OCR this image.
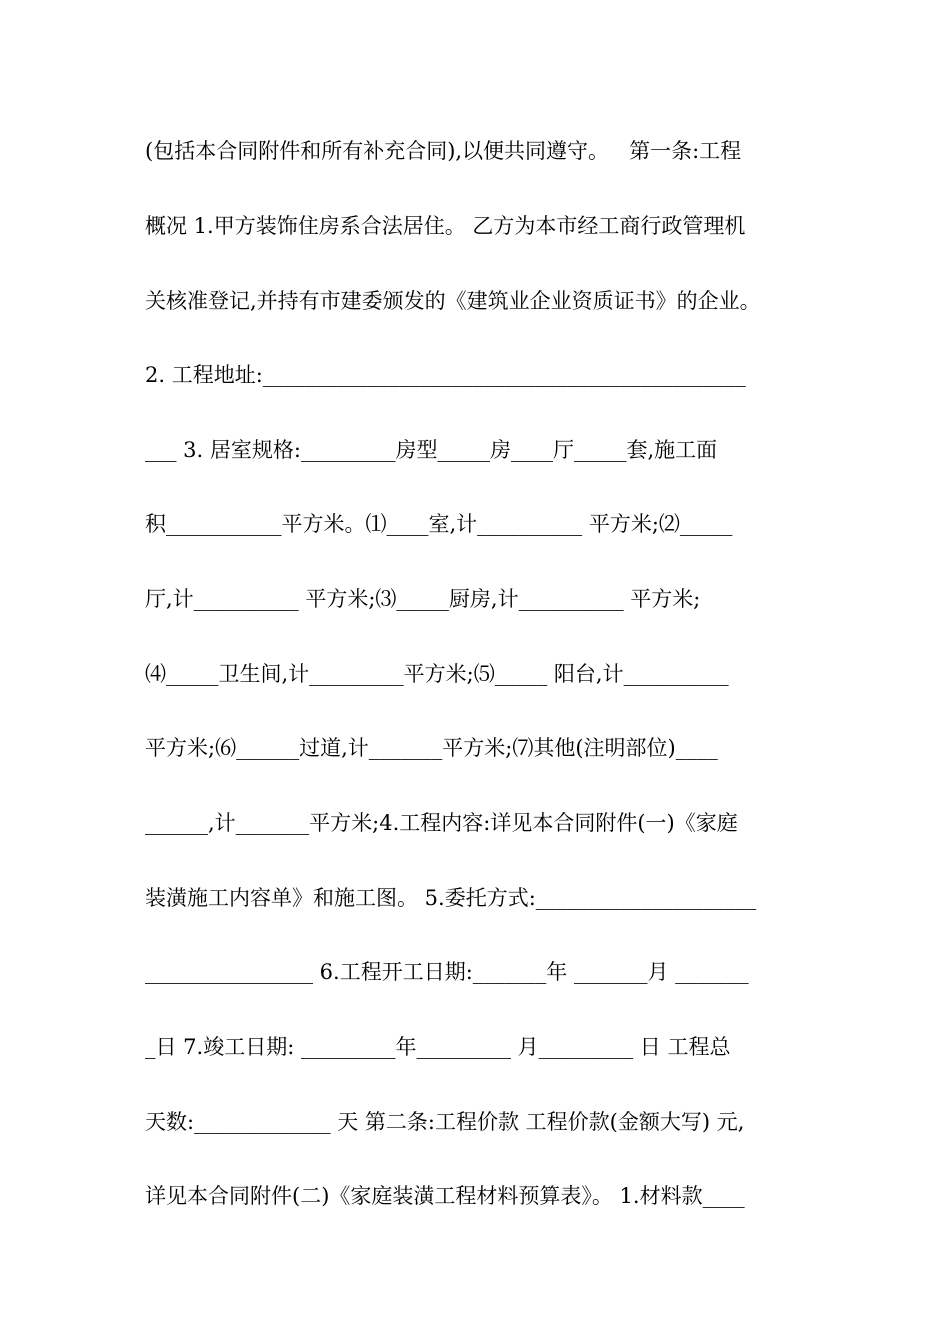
(包括本合同附件和所有补充合同),以便共同遵守。   第一条:工程
概况 1.甲方装饰住房系合法居住。 乙方为本市经工商行政管理机
关核准登记,并持有市建委颁发的《建筑业企业资质证书》的企业。
2. 工程地址:______________________________________________
___ 3. 居室规格:_________房型_____房____厅_____套,施工面
积___________平方米。⑴____室,计__________ 平方米;⑵_____
厅,计__________ 平方米;⑶_____厨房,计__________ 平方米;
⑷_____卫生间,计_________平方米;⑸_____ 阳台,计__________
平方米;⑹______过道,计_______平方米;⑺其他(注明部位)____
______,计_______平方米;4.工程内容:详见本合同附件(一)《家庭
装潢施工内容单》和施工图。 5.委托方式:_____________________
________________ 6.工程开工日期:_______年 _______月 _______
_日 7.竣工日期: _________年_________ 月_________ 日 工程总
天数:_____________ 天 第二条:工程价款 工程价款(金额大写) 元,
详见本合同附件(二)《家庭装潢工程材料预算表》。 1.材料款____
